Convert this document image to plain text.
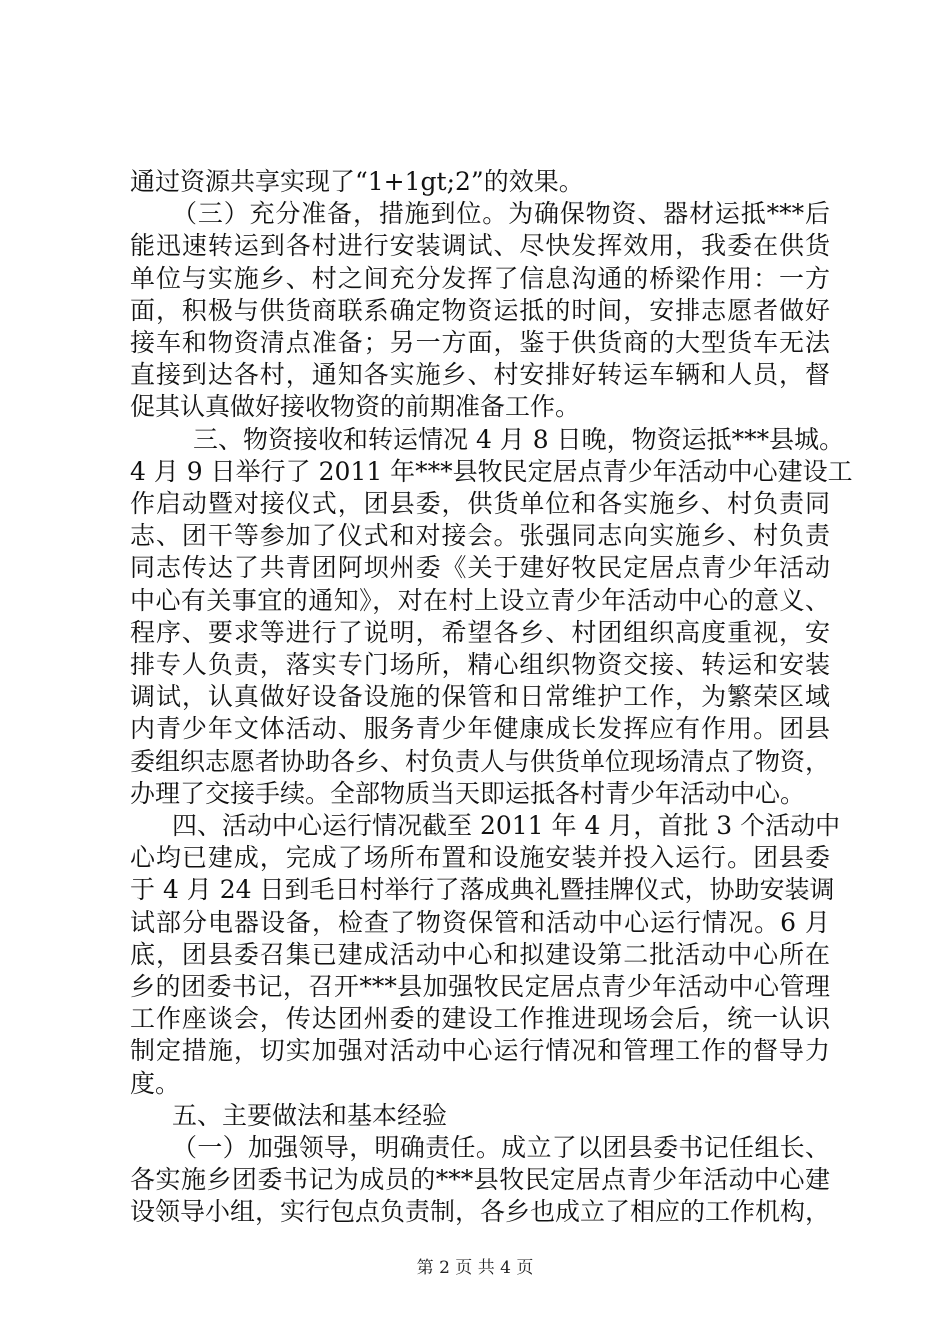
通过资源共享实现了“1+1gt;2”的效果。
（三）充分准备，措施到位。为确保物资、器材运抵***后
能迅速转运到各村进行安装调试、尽快发挥效用，我委在供货
单位与实施乡、村之间充分发挥了信息沟通的桥梁作用：一方
面，积极与供货商联系确定物资运抵的时间，安排志愿者做好
接车和物资清点准备；另一方面，鉴于供货商的大型货车无法
直接到达各村，通知各实施乡、村安排好转运车辆和人员，督
促其认真做好接收物资的前期准备工作。
三、物资接收和转运情况 4 月 8 日晚，物资运抵***县城。
4 月 9 日举行了 2011 年***县牧民定居点青少年活动中心建设工
作启动暨对接仪式，团县委，供货单位和各实施乡、村负责同
志、团干等参加了仪式和对接会。张强同志向实施乡、村负责
同志传达了共青团阿坝州委《关于建好牧民定居点青少年活动
中心有关事宜的通知》，对在村上设立青少年活动中心的意义、
程序、要求等进行了说明，希望各乡、村团组织高度重视，安
排专人负责，落实专门场所，精心组织物资交接、转运和安装
调试，认真做好设备设施的保管和日常维护工作，为繁荣区域
内青少年文体活动、服务青少年健康成长发挥应有作用。团县
委组织志愿者协助各乡、村负责人与供货单位现场清点了物资，
办理了交接手续。全部物质当天即运抵各村青少年活动中心。
四、活动中心运行情况截至 2011 年 4 月，首批 3 个活动中
心均已建成，完成了场所布置和设施安装并投入运行。团县委
于 4 月 24 日到毛日村举行了落成典礼暨挂牌仪式，协助安装调
试部分电器设备，检查了物资保管和活动中心运行情况。6 月
底，团县委召集已建成活动中心和拟建设第二批活动中心所在
乡的团委书记，召开***县加强牧民定居点青少年活动中心管理
工作座谈会，传达团州委的建设工作推进现场会后，统一认识
制定措施，切实加强对活动中心运行情况和管理工作的督导力
度。
五、主要做法和基本经验
（一）加强领导，明确责任。成立了以团县委书记任组长、
各实施乡团委书记为成员的***县牧民定居点青少年活动中心建
设领导小组，实行包点负责制，各乡也成立了相应的工作机构，
第 2 页 共 4 页
